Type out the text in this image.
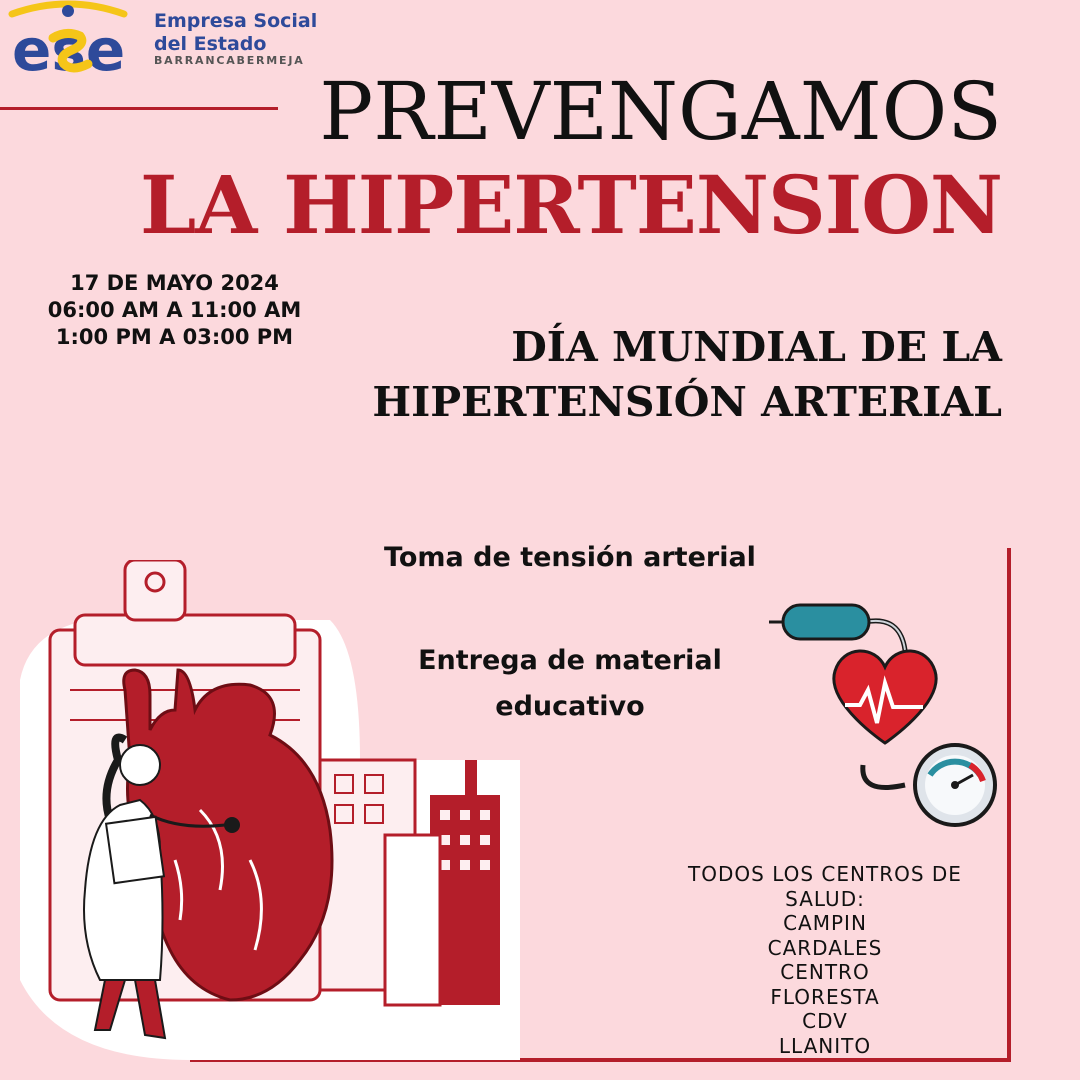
ese Empresa Social
del Estado
BARRANCABERMEJA
PREVENGAMOS
LA HIPERTENSION
17 DE MAYO 2024
06:00 AM A 11:00 AM
1:00 PM A 03:00 PM	DÍA MUNDIAL DE LA
HIPERTENSIÓN ARTERIAL
Toma de tensión arterial
Entrega de material
educativo
TODOS LOS CENTROS DE
SALUD:
CAMPIN
CARDALES
CENTRO
FLORESTA
CDV
LLANITO
